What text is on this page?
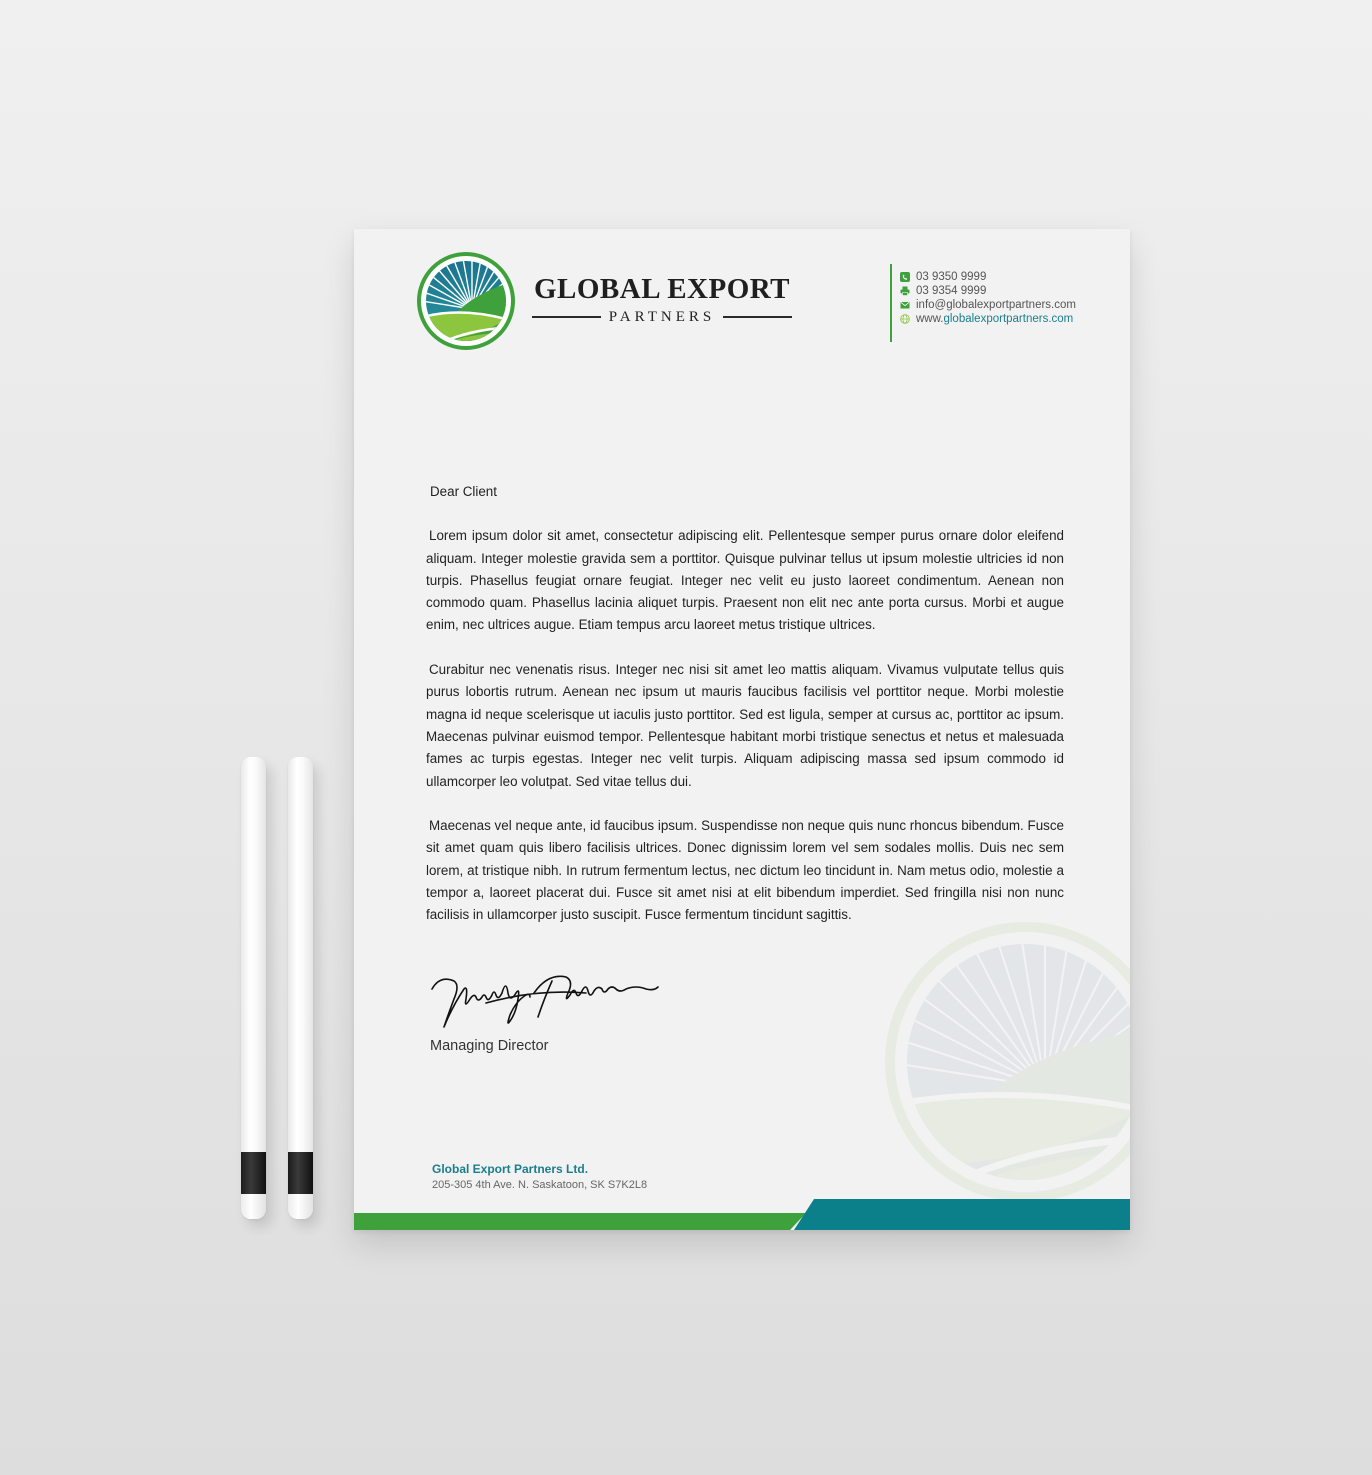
GLOBAL EXPORT
PARTNERS
03 9350 9999
03 9354 9999
info@globalexportpartners.com
www.globalexportpartners.com
Dear Client

Lorem ipsum dolor sit amet, consectetur adipiscing elit. Pellentesque semper purus ornare dolor eleifend aliquam. Integer molestie gravida sem a porttitor. Quisque pulvinar tellus ut ipsum molestie ultricies id non turpis. Phasellus feugiat ornare feugiat. Integer nec velit eu justo laoreet condimentum. Aenean non commodo quam. Phasellus lacinia aliquet turpis. Praesent non elit nec ante porta cursus. Morbi et augue enim, nec ultrices augue. Etiam tempus arcu laoreet metus tristique ultrices.

Curabitur nec venenatis risus. Integer nec nisi sit amet leo mattis aliquam. Vivamus vulputate tellus quis purus lobortis rutrum. Aenean nec ipsum ut mauris faucibus facilisis vel porttitor neque. Morbi molestie magna id neque scelerisque ut iaculis justo porttitor. Sed est ligula, semper at cursus ac, porttitor ac ipsum. Maecenas pulvinar euismod tempor. Pellentesque habitant morbi tristique senectus et netus et malesuada fames ac turpis egestas. Integer nec velit turpis. Aliquam adipiscing massa sed ipsum commodo id ullamcorper leo volutpat. Sed vitae tellus dui.

Maecenas vel neque ante, id faucibus ipsum. Suspendisse non neque quis nunc rhoncus bibendum. Fusce sit amet quam quis libero facilisis ultrices. Donec dignissim lorem vel sem sodales mollis. Duis nec sem lorem, at tristique nibh. In rutrum fermentum lectus, nec dictum leo tincidunt in. Nam metus odio, molestie a tempor a, laoreet placerat dui. Fusce sit amet nisi at elit bibendum imperdiet. Sed fringilla nisi non nunc facilisis in ullamcorper justo suscipit. Fusce fermentum tincidunt sagittis.

Managing Director
Global Export Partners Ltd.
205-305 4th Ave. N. Saskatoon, SK S7K2L8
